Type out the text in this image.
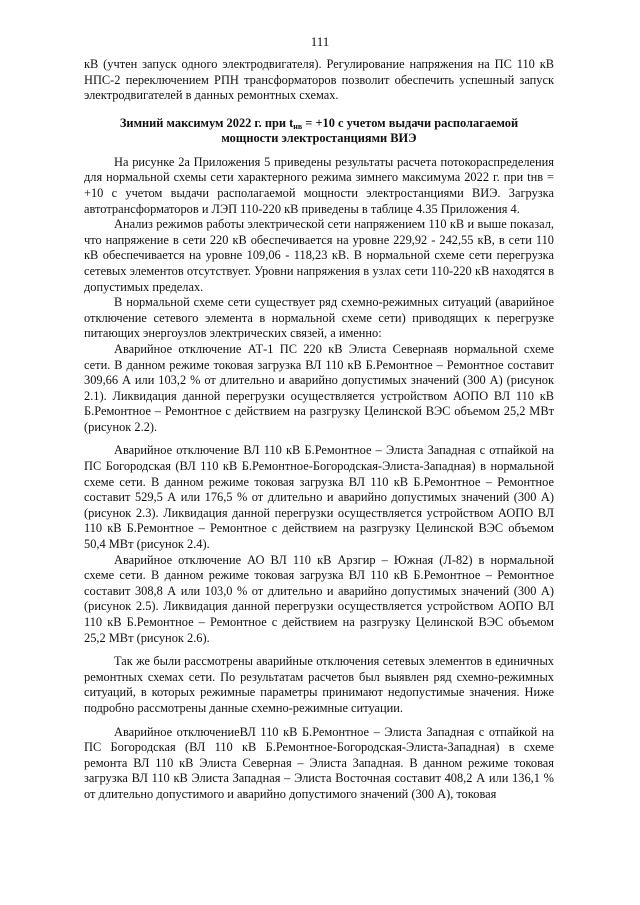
111

кВ (учтен запуск одного электродвигателя). Регулирование напряжения на ПС 110 кВ НПС-2 переключением РПН трансформаторов позволит обеспечить успешный запуск электродвигателей в данных ремонтных схемах.

Зимний максимум 2022 г. при $t_{нв} = +10$ с учетом выдачи располагаемой
мощности электростанциями ВИЭ

На рисунке 2а Приложения 5 приведены результаты расчета потокораспределения для нормальной схемы сети характерного режима зимнего максимума 2022 г. при tнв = +10 с учетом выдачи располагаемой мощности электростанциями ВИЭ. Загрузка автотрансформаторов и ЛЭП 110-220 кВ приведены в таблице 4.35 Приложения 4.

Анализ режимов работы электрической сети напряжением 110 кВ и выше показал, что напряжение в сети 220 кВ обеспечивается на уровне 229,92 - 242,55 кВ, в сети 110 кВ обеспечивается на уровне 109,06 - 118,23 кВ. В нормальной схеме сети перегрузка сетевых элементов отсутствует. Уровни напряжения в узлах сети 110-220 кВ находятся в допустимых пределах.

В нормальной схеме сети существует ряд схемно-режимных ситуаций (аварийное отключение сетевого элемента в нормальной схеме сети) приводящих к перегрузке питающих энергоузлов электрических связей, а именно:

Аварийное отключение АТ-1 ПС 220 кВ Элиста Севернаяв нормальной схеме сети. В данном режиме токовая загрузка ВЛ 110 кВ Б.Ремонтное – Ремонтное составит 309,66 А или 103,2 % от длительно и аварийно допустимых значений (300 А) (рисунок 2.1). Ликвидация данной перегрузки осуществляется устройством АОПО ВЛ 110 кВ Б.Ремонтное – Ремонтное с действием на разгрузку Целинской ВЭС объемом 25,2 МВт (рисунок 2.2).

Аварийное отключение ВЛ 110 кВ Б.Ремонтное – Элиста Западная с отпайкой на ПС Богородская (ВЛ 110 кВ Б.Ремонтное-Богородская-Элиста-Западная) в нормальной схеме сети. В данном режиме токовая загрузка ВЛ 110 кВ Б.Ремонтное – Ремонтное составит 529,5 А или 176,5 % от длительно и аварийно допустимых значений (300 А) (рисунок 2.3). Ликвидация данной перегрузки осуществляется устройством АОПО ВЛ 110 кВ Б.Ремонтное – Ремонтное с действием на разгрузку Целинской ВЭС объемом 50,4 МВт (рисунок 2.4).

Аварийное отключение АО ВЛ 110 кВ Арзгир – Южная (Л-82) в нормальной схеме сети. В данном режиме токовая загрузка ВЛ 110 кВ Б.Ремонтное – Ремонтное составит 308,8 А или 103,0 % от длительно и аварийно допустимых значений (300 А) (рисунок 2.5). Ликвидация данной перегрузки осуществляется устройством АОПО ВЛ 110 кВ Б.Ремонтное – Ремонтное с действием на разгрузку Целинской ВЭС объемом 25,2 МВт (рисунок 2.6).

Так же были рассмотрены аварийные отключения сетевых элементов в единичных ремонтных схемах сети. По результатам расчетов был выявлен ряд схемно-режимных ситуаций, в которых режимные параметры принимают недопустимые значения. Ниже подробно рассмотрены данные схемно-режимные ситуации.

Аварийное отключениеВЛ 110 кВ Б.Ремонтное – Элиста Западная с отпайкой на ПС Богородская (ВЛ 110 кВ Б.Ремонтное-Богородская-Элиста-Западная) в схеме ремонта ВЛ 110 кВ Элиста Северная – Элиста Западная. В данном режиме токовая загрузка ВЛ 110 кВ Элиста Западная – Элиста Восточная составит 408,2 А или 136,1 % от длительно допустимого и аварийно допустимого значений (300 А), токовая
